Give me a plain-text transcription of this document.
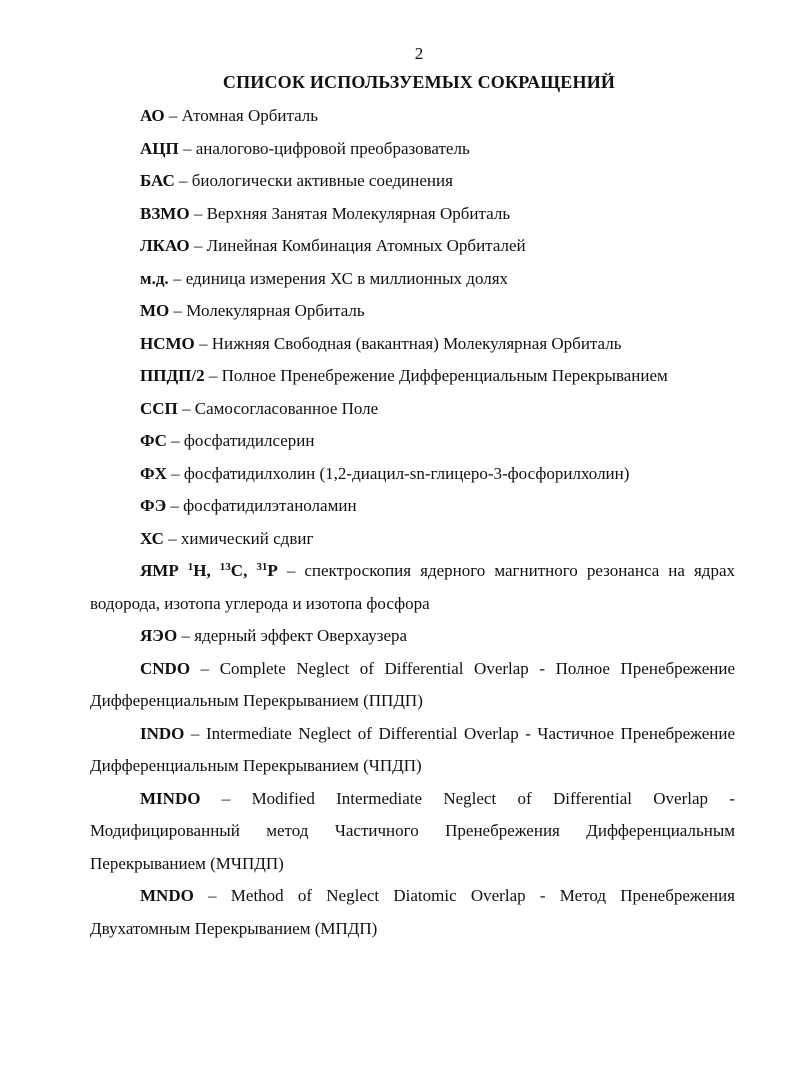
2
СПИСОК ИСПОЛЬЗУЕМЫХ СОКРАЩЕНИЙ
АО – Атомная Орбиталь
АЦП – аналогово-цифровой преобразователь
БАС – биологически активные соединения
ВЗМО – Верхняя Занятая Молекулярная Орбиталь
ЛКАО – Линейная Комбинация Атомных Орбиталей
м.д. – единица измерения ХС в миллионных долях
МО – Молекулярная Орбиталь
НСМО – Нижняя Свободная (вакантная) Молекулярная Орбиталь
ППДП/2 – Полное Пренебрежение Дифференциальным Перекрыванием
ССП – Самосогласованное Поле
ФС – фосфатидилсерин
ФХ – фосфатидилхолин (1,2-диацил-sn-глицеро-3-фосфорилхолин)
ФЭ – фосфатидилэтаноламин
ХС – химический сдвиг
ЯМР $^1$H, $^{13}$C, $^{31}$P – спектроскопия ядерного магнитного резонанса на ядрах водорода, изотопа углерода и изотопа фосфора
ЯЭО – ядерный эффект Оверхаузера
CNDO – Complete Neglect of Differential Overlap - Полное Пренебрежение Дифференциальным Перекрыванием (ППДП)
INDO – Intermediate Neglect of Differential Overlap - Частичное Пренебрежение Дифференциальным Перекрыванием (ЧПДП)
MINDO – Modified Intermediate Neglect of Differential Overlap - Модифицированный метод Частичного Пренебрежения Дифференциальным Перекрыванием (МЧПДП)
MNDO – Method of Neglect Diatomic Overlap - Метод Пренебрежения Двухатомным Перекрыванием (МПДП)
